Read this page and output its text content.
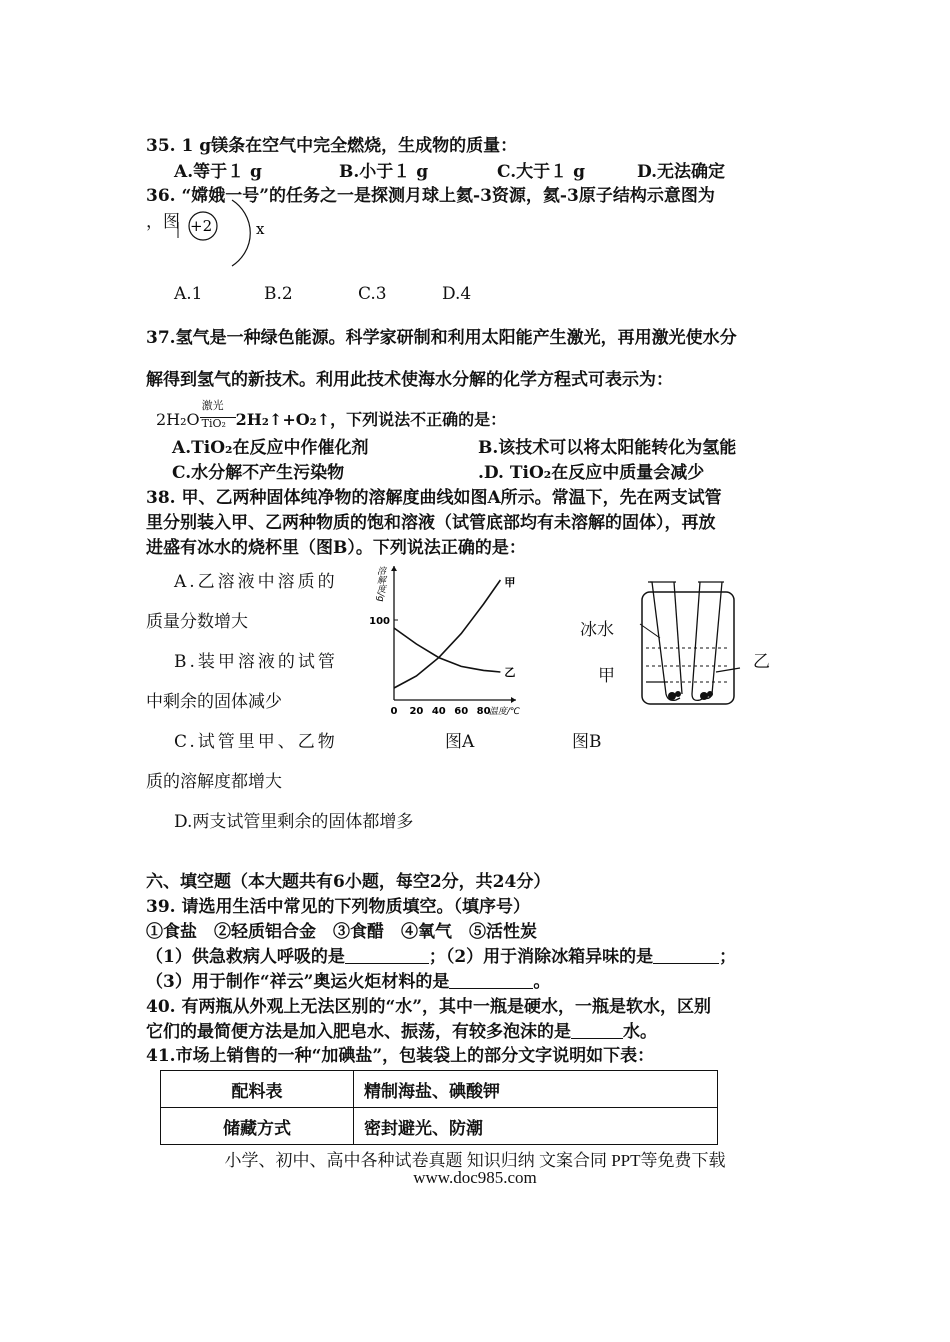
35. 1 g镁条在空气中完全燃烧，生成物的质量：
A.等于１ g	B.小于１ g	C.大于１ g	D.无法确定
36. “嫦娥一号”的任务之一是探测月球上氦-3资源，氦-3原子结构示意图为
，图 +2	x
A.1	B.2	C.3	D.4
37.氢气是一种绿色能源。科学家研制和利用太阳能产生激光，再用激光使水分
解得到氢气的新技术。利用此技术使海水分解的化学方程式可表示为：
2H₂O
激光
TiO₂ 2H₂↑+O₂↑，下列说法不正确的是：
A.TiO₂在反应中作催化剂	B.该技术可以将太阳能转化为氢能
C.水分解不产生污染物	.D. TiO₂在反应中质量会减少
38. 甲、乙两种固体纯净物的溶解度曲线如图A所示。常温下，先在两支试管
里分别装入甲、乙两种物质的饱和溶液（试管底部均有未溶解的固体），再放
进盛有冰水的烧杯里（图B）。下列说法正确的是：
A.乙溶液中溶质的
质量分数增大
B.装甲溶液的试管
中剩余的固体减少
C.试管里甲、乙物
质的溶解度都增大
D.两支试管里剩余的固体都增多
0 20 40 60 80
100
温度/℃
溶解度/g	甲
乙
图A
冰水
甲
乙
图B
六、填空题（本大题共有6小题，每空2分，共24分）
39. 请选用生活中常见的下列物质填空。（填序号）
①食盐　②轻质铝合金　③食醋　④氧气　⑤活性炭
（1）供急救病人呼吸的是	；（2）用于消除冰箱异味的是	；
（3）用于制作“祥云”奥运火炬材料的是	。
40. 有两瓶从外观上无法区别的“水”，其中一瓶是硬水，一瓶是软水，区别
它们的最简便方法是加入肥皂水、振荡，有较多泡沫的是	水。
41.市场上销售的一种“加碘盐”，包装袋上的部分文字说明如下表：
配料表	精制海盐、碘酸钾
储藏方式	密封避光、防潮
小学、初中、高中各种试卷真题 知识归纳 文案合同 PPT等免费下载
www.doc985.com
